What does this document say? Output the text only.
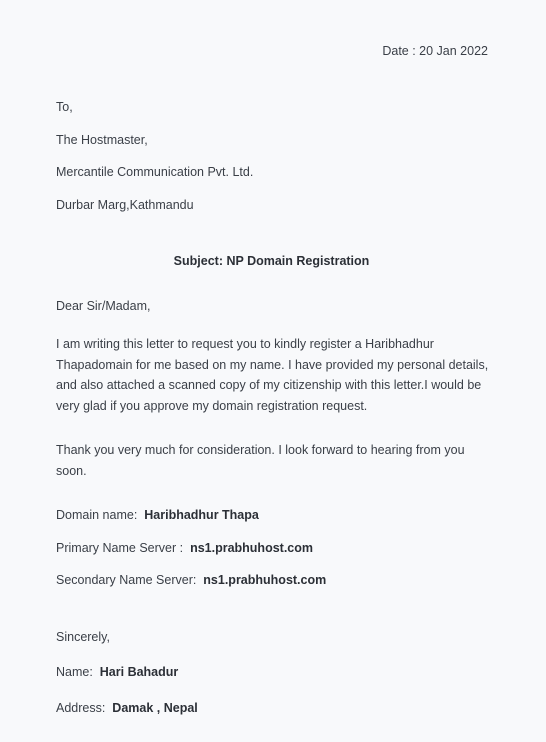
Date : 20 Jan 2022
To,
The Hostmaster,
Mercantile Communication Pvt. Ltd.
Durbar Marg,Kathmandu
Subject: NP Domain Registration
Dear Sir/Madam,
I am writing this letter to request you to kindly register a Haribhadhur Thapadomain for me based on my name. I have provided my personal details, and also attached a scanned copy of my citizenship with this letter.I would be very glad if you approve my domain registration request.
Thank you very much for consideration. I look forward to hearing from you soon.
Domain name: Haribhadhur Thapa
Primary Name Server : ns1.prabhuhost.com
Secondary Name Server: ns1.prabhuhost.com
Sincerely,
Name: Hari Bahadur
Address: Damak , Nepal
